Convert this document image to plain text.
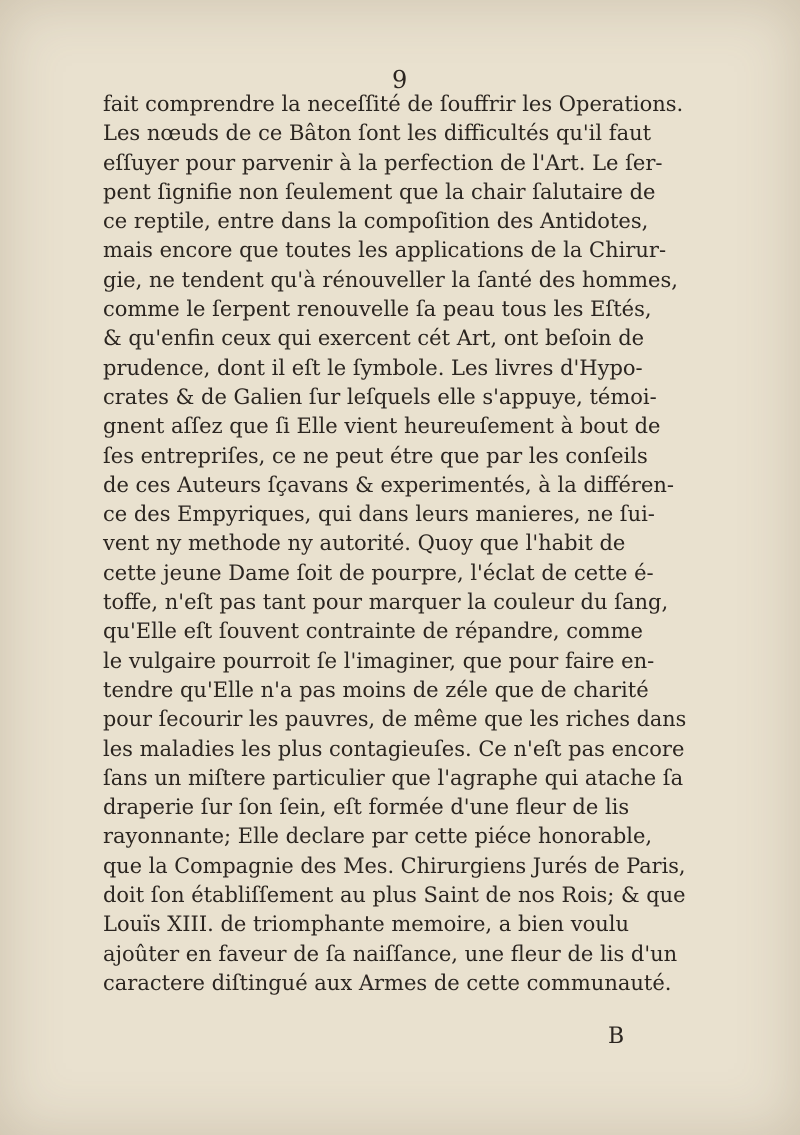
9
fait comprendre la neceſſité de ſouffrir les Operations.
Les nœuds de ce Bâton ſont les difficultés qu'il faut
eſſuyer pour parvenir à la perfection de l'Art. Le ſer-
pent ſignifie non ſeulement que la chair ſalutaire de
ce reptile, entre dans la compoſition des Antidotes,
mais encore que toutes les applications de la Chirur-
gie, ne tendent qu'à rénouveller la ſanté des hommes,
comme le ſerpent renouvelle ſa peau tous les Eſtés,
& qu'enfin ceux qui exercent cét Art, ont beſoin de
prudence, dont il eſt le ſymbole. Les livres d'Hypo-
crates & de Galien ſur leſquels elle s'appuye, témoi-
gnent aſſez que ſi Elle vient heureuſement à bout de
ſes entrepriſes, ce ne peut étre que par les conſeils
de ces Auteurs ſçavans & experimentés, à la différen-
ce des Empyriques, qui dans leurs manieres, ne ſui-
vent ny methode ny autorité. Quoy que l'habit de
cette jeune Dame ſoit de pourpre, l'éclat de cette é-
toffe, n'eſt pas tant pour marquer la couleur du ſang,
qu'Elle eſt ſouvent contrainte de répandre, comme
le vulgaire pourroit ſe l'imaginer, que pour faire en-
tendre qu'Elle n'a pas moins de zéle que de charité
pour ſecourir les pauvres, de même que les riches dans
les maladies les plus contagieuſes. Ce n'eſt pas encore
ſans un miſtere particulier que l'agraphe qui atache ſa
draperie ſur ſon ſein, eſt formée d'une fleur de lis
rayonnante; Elle declare par cette piéce honorable,
que la Compagnie des Mes. Chirurgiens Jurés de Paris,
doit ſon établiſſement au plus Saint de nos Rois; & que
Louïs XIII. de triomphante memoire, a bien voulu
ajoûter en faveur de ſa naiſſance, une fleur de lis d'un
caractere diſtingué aux Armes de cette communauté.
B
